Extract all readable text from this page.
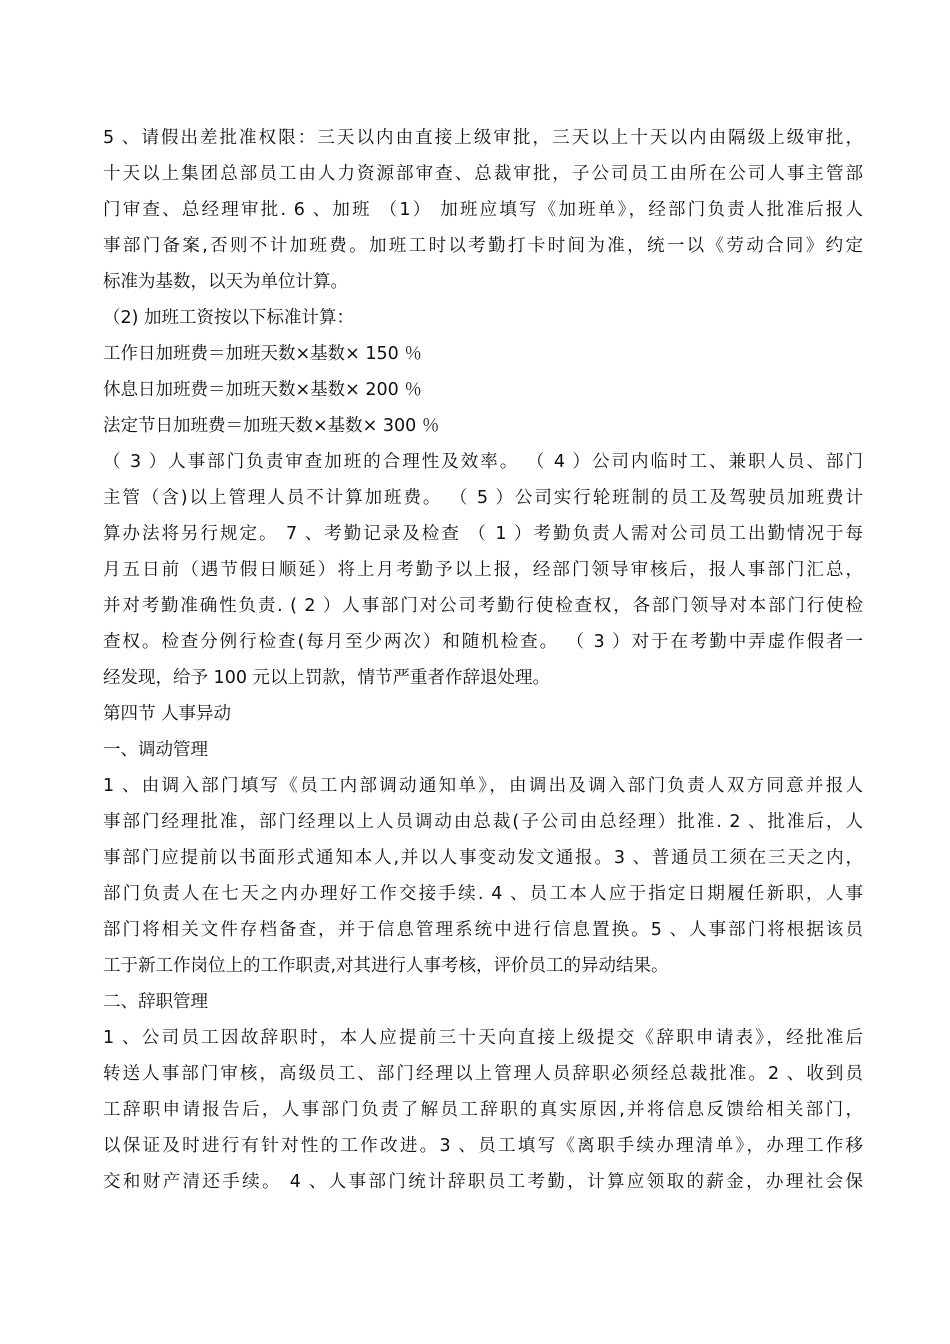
5 、请假出差批准权限：三天以内由直接上级审批，三天以上十天以内由隔级上级审批，
十天以上集团总部员工由人力资源部审查、总裁审批，子公司员工由所在公司人事主管部
门审查、总经理审批. 6 、加班 （1） 加班应填写《加班单》，经部门负责人批准后报人
事部门备案,否则不计加班费。加班工时以考勤打卡时间为准，统一以《劳动合同》约定
标准为基数，以天为单位计算。
（2) 加班工资按以下标准计算：
工作日加班费＝加班天数×基数× 150 ％
休息日加班费＝加班天数×基数× 200 ％
法定节日加班费＝加班天数×基数× 300 ％
（ 3 ）人事部门负责审查加班的合理性及效率。 （ 4 ）公司内临时工、兼职人员、部门
主管（含)以上管理人员不计算加班费。 （ 5 ）公司实行轮班制的员工及驾驶员加班费计
算办法将另行规定。 7 、考勤记录及检查 （ 1 ）考勤负责人需对公司员工出勤情况于每
月五日前（遇节假日顺延）将上月考勤予以上报，经部门领导审核后，报人事部门汇总，
并对考勤准确性负责. ( 2 ）人事部门对公司考勤行使检查权，各部门领导对本部门行使检
查权。检查分例行检查(每月至少两次）和随机检查。 （ 3 ）对于在考勤中弄虚作假者一
经发现，给予 100 元以上罚款，情节严重者作辞退处理。
第四节 人事异动
一、调动管理
1 、由调入部门填写《员工内部调动通知单》，由调出及调入部门负责人双方同意并报人
事部门经理批准，部门经理以上人员调动由总裁(子公司由总经理）批准. 2 、批准后，人
事部门应提前以书面形式通知本人,并以人事变动发文通报。3 、普通员工须在三天之内，
部门负责人在七天之内办理好工作交接手续. 4 、员工本人应于指定日期履任新职，人事
部门将相关文件存档备查，并于信息管理系统中进行信息置换。5 、人事部门将根据该员
工于新工作岗位上的工作职责,对其进行人事考核，评价员工的异动结果。
二、辞职管理
1 、公司员工因故辞职时，本人应提前三十天向直接上级提交《辞职申请表》，经批准后
转送人事部门审核，高级员工、部门经理以上管理人员辞职必须经总裁批准。2 、收到员
工辞职申请报告后，人事部门负责了解员工辞职的真实原因,并将信息反馈给相关部门，
以保证及时进行有针对性的工作改进。3 、员工填写《离职手续办理清单》，办理工作移
交和财产清还手续。 4 、人事部门统计辞职员工考勤，计算应领取的薪金，办理社会保
